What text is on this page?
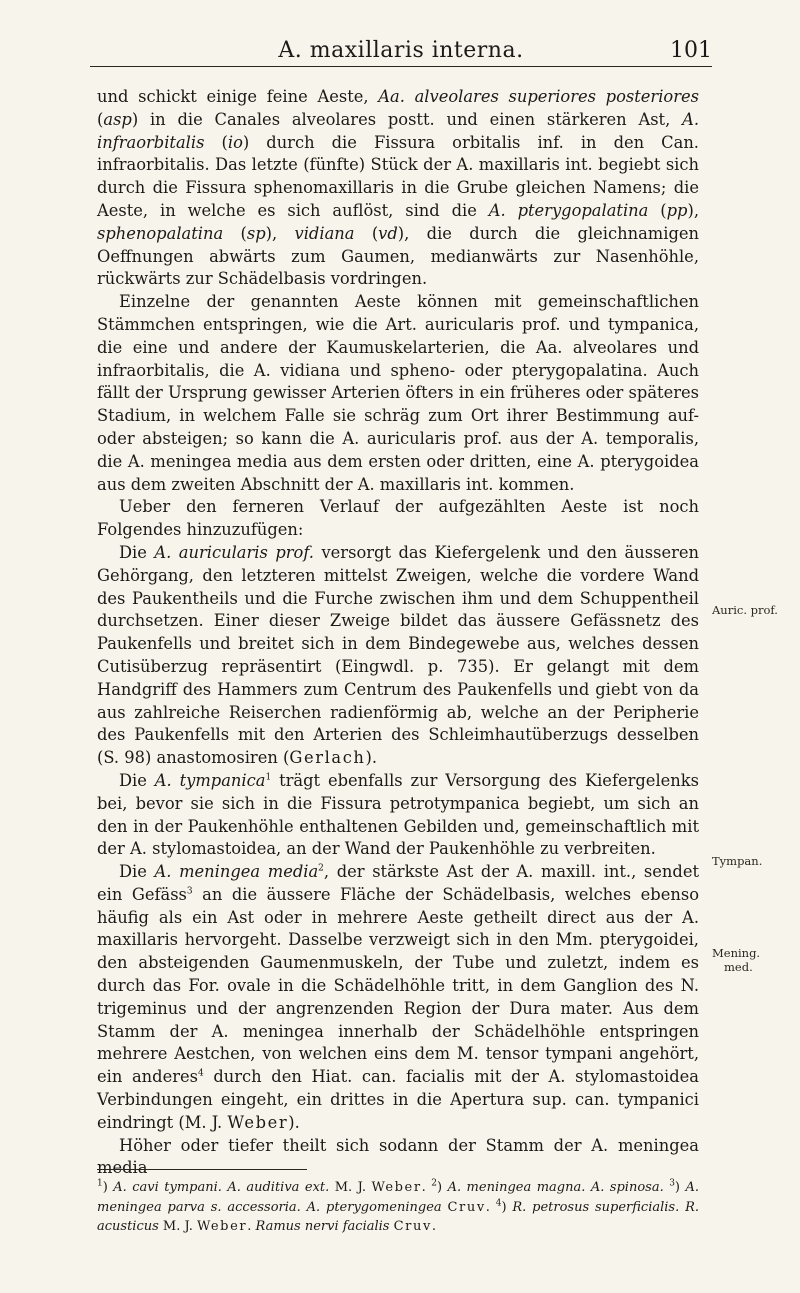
A. maxillaris interna.	101

und schickt einige feine Aeste, Aa. alveolares superiores posteriores (asp) in die Canales alveolares postt. und einen stärkeren Ast, A. infraorbitalis (io) durch die Fissura orbitalis inf. in den Can. infraorbitalis. Das letzte (fünfte) Stück der A. maxillaris int. begiebt sich durch die Fissura sphenomaxillaris in die Grube gleichen Namens; die Aeste, in welche es sich auflöst, sind die A. pterygopalatina (pp), sphenopalatina (sp), vidiana (vd), die durch die gleichnamigen Oeffnungen abwärts zum Gaumen, medianwärts zur Nasenhöhle, rückwärts zur Schädelbasis vordringen.

Einzelne der genannten Aeste können mit gemeinschaftlichen Stämmchen entspringen, wie die Art. auricularis prof. und tympanica, die eine und andere der Kaumuskelarterien, die Aa. alveolares und infraorbitalis, die A. vidiana und spheno- oder pterygopalatina. Auch fällt der Ursprung gewisser Arterien öfters in ein früheres oder späteres Stadium, in welchem Falle sie schräg zum Ort ihrer Bestimmung auf- oder absteigen; so kann die A. auricularis prof. aus der A. temporalis, die A. meningea media aus dem ersten oder dritten, eine A. pterygoidea aus dem zweiten Abschnitt der A. maxillaris int. kommen.

Ueber den ferneren Verlauf der aufgezählten Aeste ist noch Folgendes hinzuzufügen:

Die A. auricularis prof. versorgt das Kiefergelenk und den äusseren Gehörgang, den letzteren mittelst Zweigen, welche die vordere Wand des Paukentheils und die Furche zwischen ihm und dem Schuppentheil durchsetzen. Einer dieser Zweige bildet das äussere Gefässnetz des Paukenfells und breitet sich in dem Bindegewebe aus, welches dessen Cutisüberzug repräsentirt (Eingwdl. p. 735). Er gelangt mit dem Handgriff des Hammers zum Centrum des Paukenfells und giebt von da aus zahlreiche Reiserchen radienförmig ab, welche an der Peripherie des Paukenfells mit den Arterien des Schleimhautüberzugs desselben (S. 98) anastomosiren (Gerlach).

Die A. tympanica$^1$ trägt ebenfalls zur Versorgung des Kiefergelenks bei, bevor sie sich in die Fissura petrotympanica begiebt, um sich an den in der Paukenhöhle enthaltenen Gebilden und, gemeinschaftlich mit der A. stylomastoidea, an der Wand der Paukenhöhle zu verbreiten.

Die A. meningea media$^2$, der stärkste Ast der A. maxill. int., sendet ein Gefäss$^3$ an die äussere Fläche der Schädelbasis, welches ebenso häufig als ein Ast oder in mehrere Aeste getheilt direct aus der A. maxillaris hervorgeht. Dasselbe verzweigt sich in den Mm. pterygoidei, den absteigenden Gaumenmuskeln, der Tube und zuletzt, indem es durch das For. ovale in die Schädelhöhle tritt, in dem Ganglion des N. trigeminus und der angrenzenden Region der Dura mater. Aus dem Stamm der A. meningea innerhalb der Schädelhöhle entspringen mehrere Aestchen, von welchen eins dem M. tensor tympani angehört, ein anderes$^4$ durch den Hiat. can. facialis mit der A. stylomastoidea Verbindungen eingeht, ein drittes in die Apertura sup. can. tympanici eindringt (M. J. Weber).

Höher oder tiefer theilt sich sodann der Stamm der A. meningea media

Auric. prof.
Tympan.
Mening.
med.
$^1$) A. cavi tympani. A. auditiva ext. M. J. Weber. $^2$) A. meningea magna. A. spinosa. $^3$) A. meningea parva s. accessoria. A. pterygomeningea Cruv. $^4$) R. petrosus superficialis. R. acusticus M. J. Weber. Ramus nervi facialis Cruv.
